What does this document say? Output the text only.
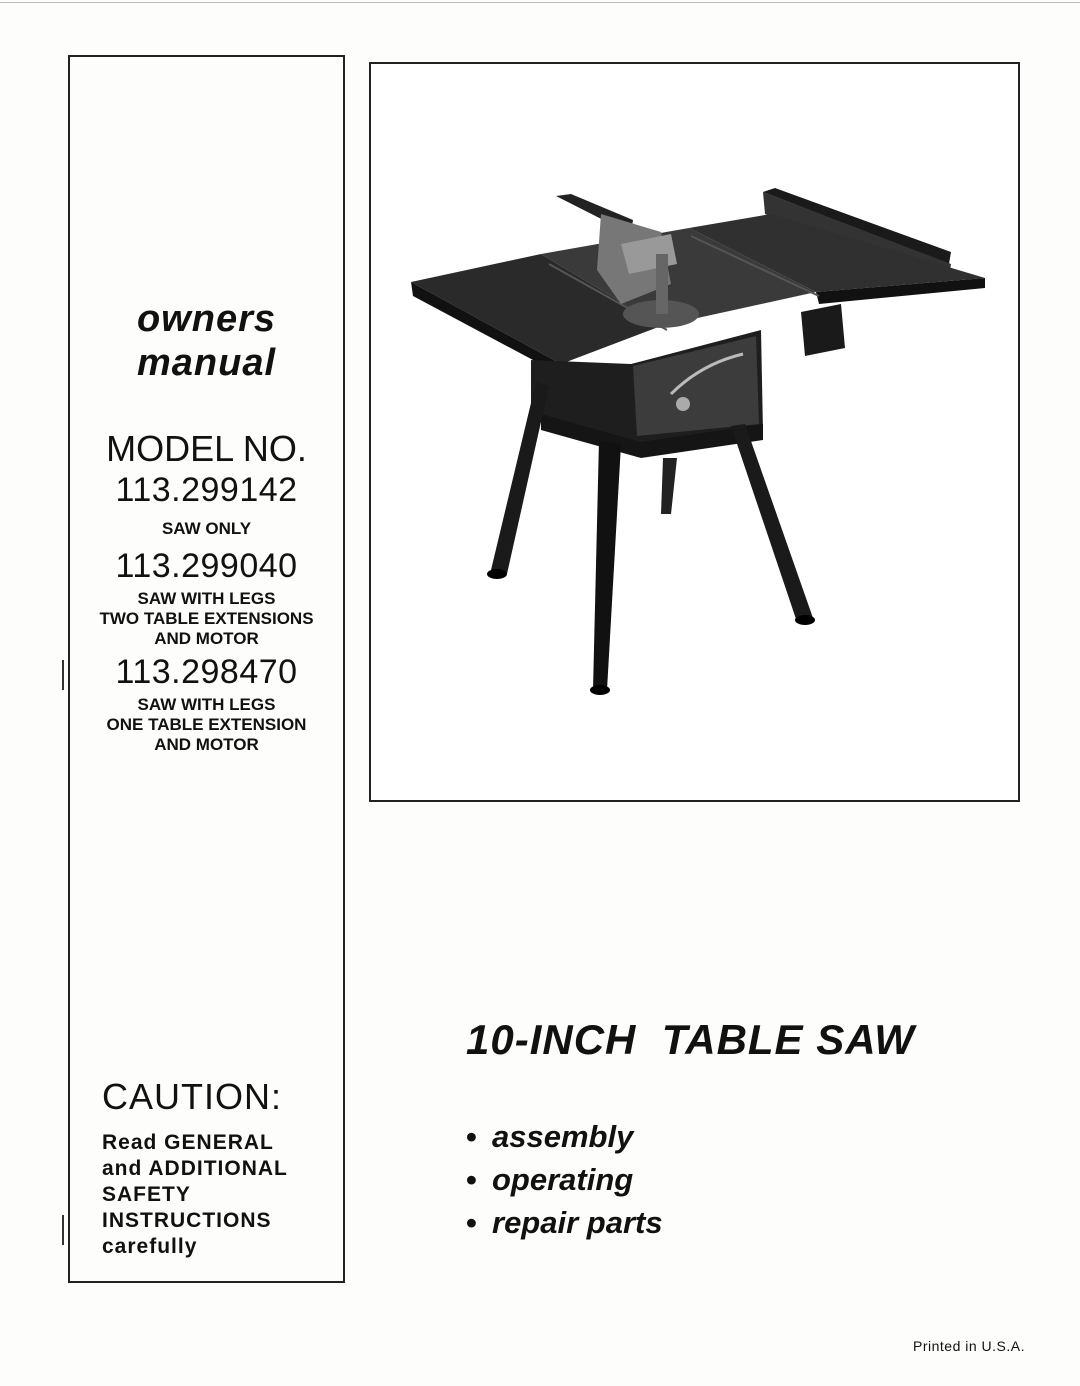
owners
manual
MODEL NO.
113.299142
SAW ONLY
113.299040
SAW WITH LEGS
TWO TABLE EXTENSIONS
AND MOTOR
113.298470
SAW WITH LEGS
ONE TABLE EXTENSION
AND MOTOR
CAUTION:
Read GENERAL
and ADDITIONAL
SAFETY
INSTRUCTIONS
carefully
10-INCH  TABLE SAW
• assembly
• operating
• repair parts
Printed in U.S.A.
